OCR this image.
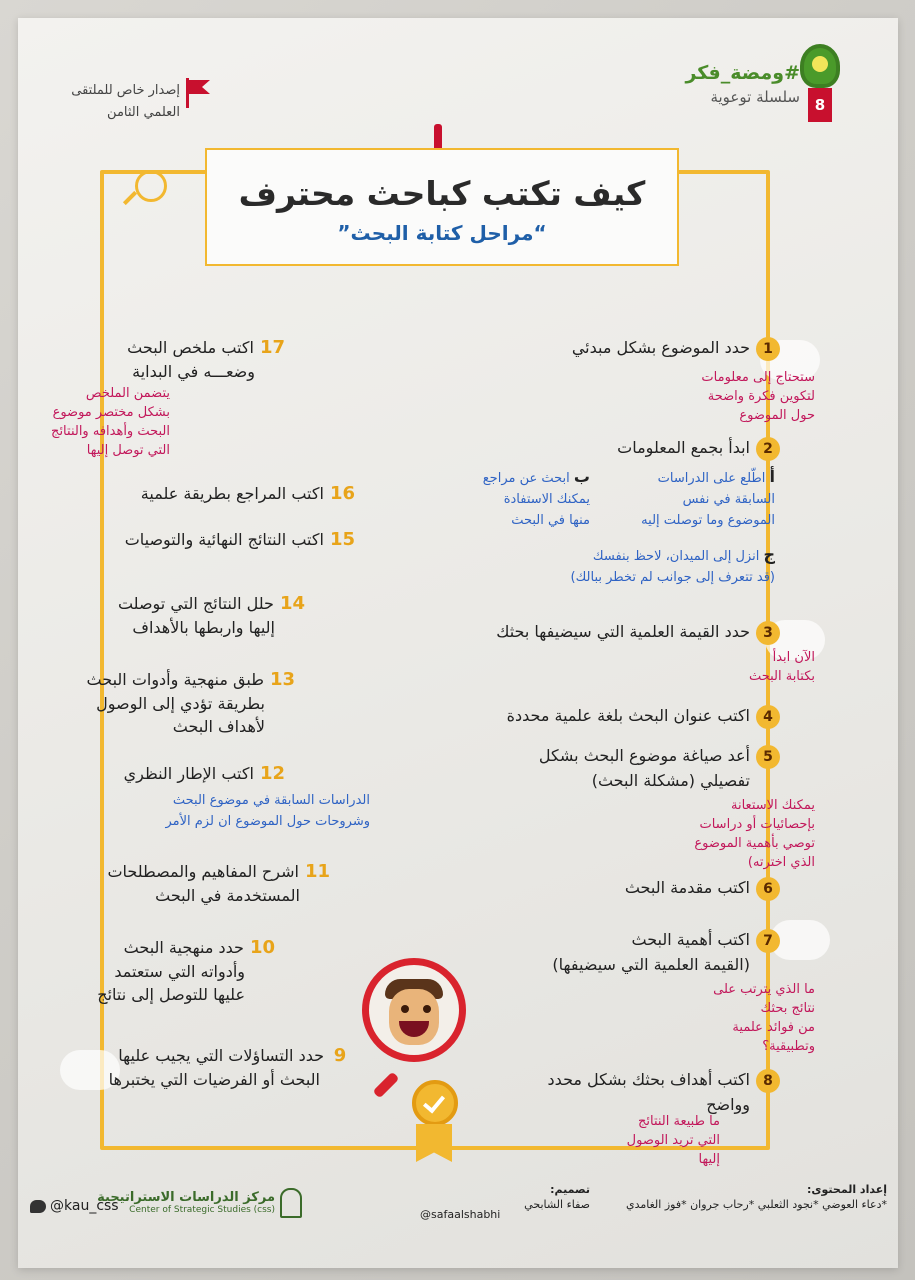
8
#ومضة_فكر
سلسلة توعوية
إصدار خاص للملتقى
العلمي الثامن
كيف تكتب كباحث محترف
“مراحل كتابة البحث”
1حدد الموضوع بشكل مبدئي
ستحتاج إلى معلومات
لتكوين فكرة واضحة
حول الموضوع
2ابدأ بجمع المعلومات
أ اطّلع على الدراسات
السابقة في نفس
الموضوع وما توصلت إليه
ب ابحث عن مراجع
يمكنك الاستفادة
منها في البحث
ج انزل إلى الميدان، لاحظ بنفسك
(قد تتعرف إلى جوانب لم تخطر ببالك)
3حدد القيمة العلمية التي سيضيفها بحثك
الآن ابدأ
بكتابة البحث
4اكتب عنوان البحث بلغة علمية محددة
5أعد صياغة موضوع البحث بشكل
تفصيلي (مشكلة البحث)
يمكنك الاستعانة
بإحصائيات أو دراسات
توصي بأهمية الموضوع
الذي اخترته)
6اكتب مقدمة البحث
7اكتب أهمية البحث
(القيمة العلمية التي سيضيفها)
ما الذي يترتب على
نتائج بحثك
من فوائد علمية
وتطبيقية؟
8اكتب أهداف بحثك بشكل محدد
وواضح
ما طبيعة النتائج
التي تريد الوصول
إليها
17اكتب ملخص البحث
وضعـــه في البداية
يتضمن الملخص
بشكل مختصر موضوع
البحث وأهدافه والنتائج
التي توصل إليها
16اكتب المراجع بطريقة علمية
15اكتب النتائج النهائية والتوصيات
14حلل النتائج التي توصلت
إليها واربطها بالأهداف
13طبق منهجية وأدوات البحث
بطريقة تؤدي إلى الوصول
لأهداف البحث
12اكتب الإطار النظري
الدراسات السابقة في موضوع البحث
وشروحات حول الموضوع ان لزم الأمر
11اشرح المفاهيم والمصطلحات
المستخدمة في البحث
10حدد منهجية البحث
وأدواته التي ستعتمد
عليها للتوصل إلى نتائج
9حدد التساؤلات التي يجيب عليها
البحث أو الفرضيات التي يختبرها
إعداد المحتوى:
*دعاء العوضي *نجود الثعلبي *رحاب جروان *فوز الغامدي
تصميم:
صفاء الشابحي
@safaalshabhi
مركز الدراسات الاستراتيجية
Center of Strategic Studies (css)
@kau_css
